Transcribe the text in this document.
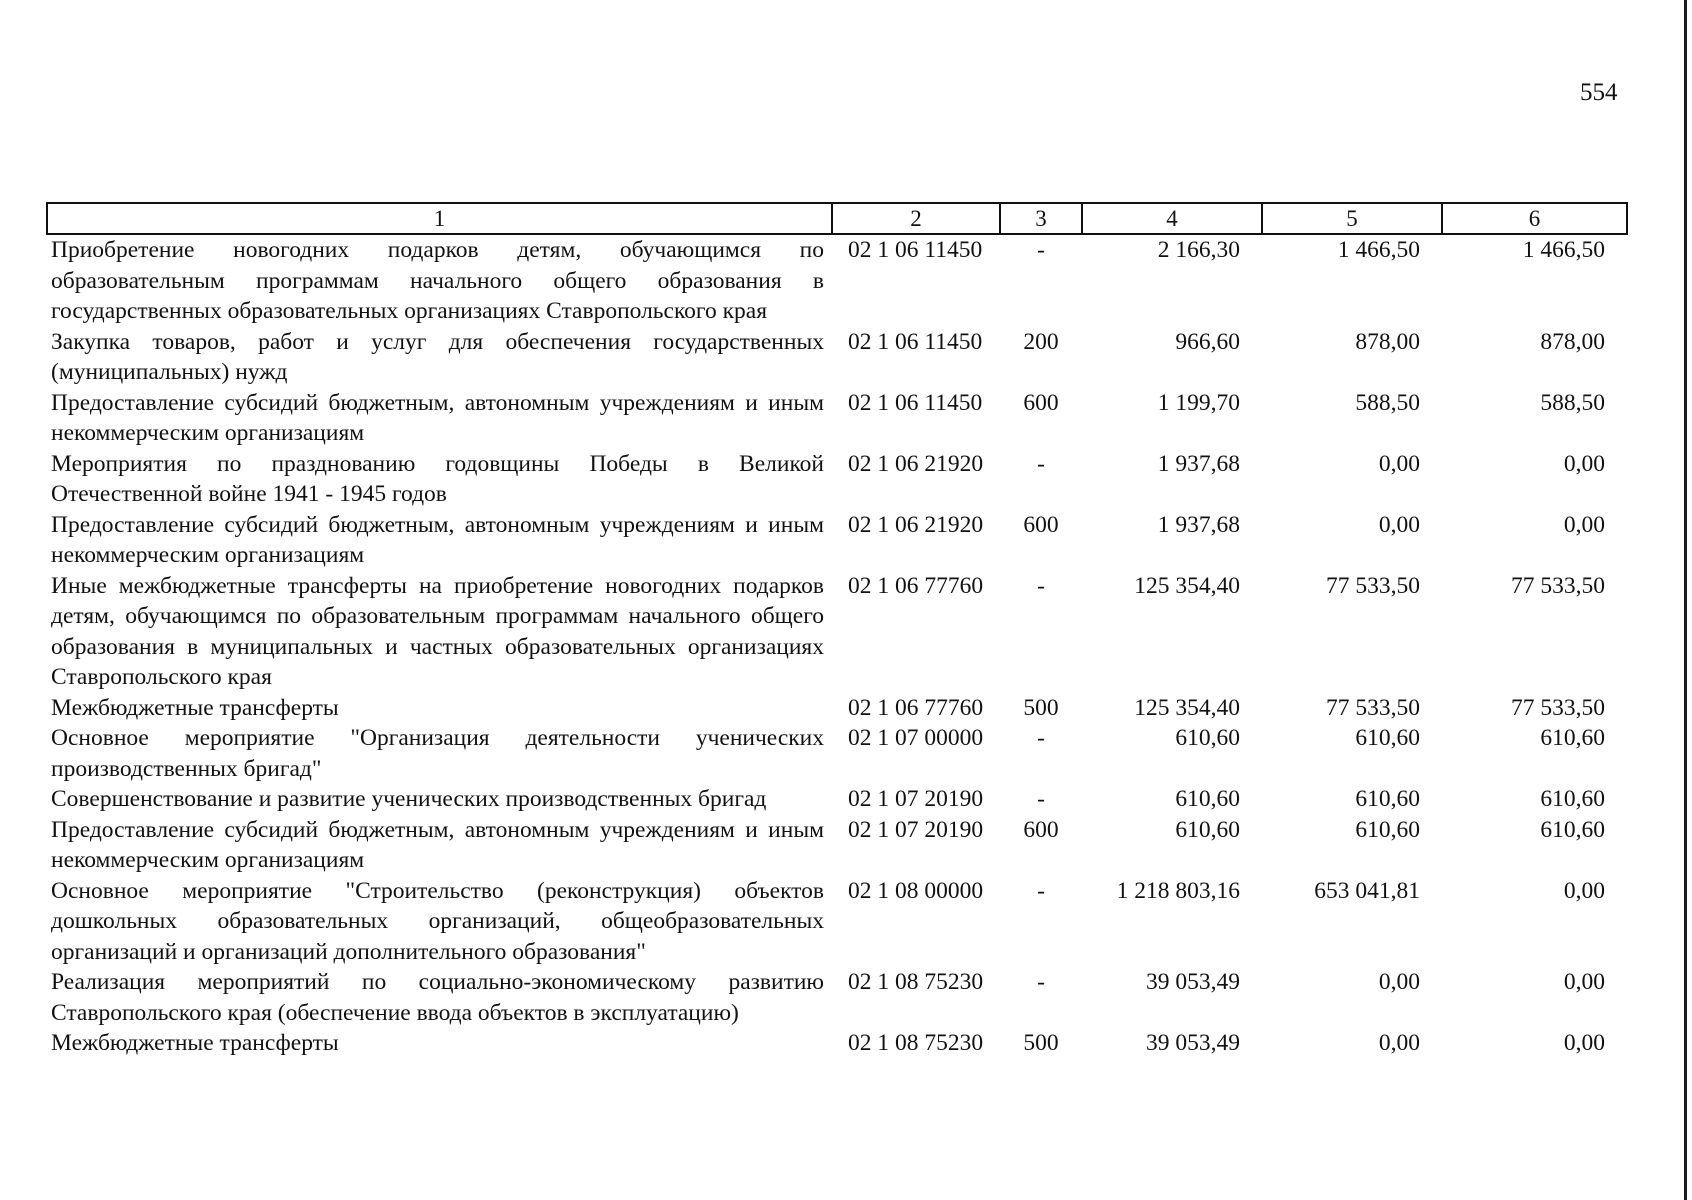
554
1	2	3	4	5	6
Приобретение новогодних подарков детям, обучающимся по образовательным программам начального общего образования в государственных образовательных организациях Ставропольского края	02 1 06 11450	-	2 166,30	1 466,50	1 466,50
Закупка товаров, работ и услуг для обеспечения государственных (муниципальных) нужд	02 1 06 11450	200	966,60	878,00	878,00
Предоставление субсидий бюджетным, автономным учреждениям и иным некоммерческим организациям	02 1 06 11450	600	1 199,70	588,50	588,50
Мероприятия по празднованию годовщины Победы в Великой Отечественной войне 1941 - 1945 годов	02 1 06 21920	-	1 937,68	0,00	0,00
Предоставление субсидий бюджетным, автономным учреждениям и иным некоммерческим организациям	02 1 06 21920	600	1 937,68	0,00	0,00
Иные межбюджетные трансферты на приобретение новогодних подарков детям, обучающимся по образовательным программам начального общего образования в муниципальных и частных образовательных организациях Ставропольского края	02 1 06 77760	-	125 354,40	77 533,50	77 533,50
Межбюджетные трансферты	02 1 06 77760	500	125 354,40	77 533,50	77 533,50
Основное мероприятие "Организация деятельности ученических производственных бригад"	02 1 07 00000	-	610,60	610,60	610,60
Совершенствование и развитие ученических производственных бригад	02 1 07 20190	-	610,60	610,60	610,60
Предоставление субсидий бюджетным, автономным учреждениям и иным некоммерческим организациям	02 1 07 20190	600	610,60	610,60	610,60
Основное мероприятие "Строительство (реконструкция) объектов дошкольных образовательных организаций, общеобразовательных организаций и организаций дополнительного образования"	02 1 08 00000	-	1 218 803,16	653 041,81	0,00
Реализация мероприятий по социально-экономическому развитию Ставропольского края (обеспечение ввода объектов в эксплуатацию)	02 1 08 75230	-	39 053,49	0,00	0,00
Межбюджетные трансферты	02 1 08 75230	500	39 053,49	0,00	0,00
